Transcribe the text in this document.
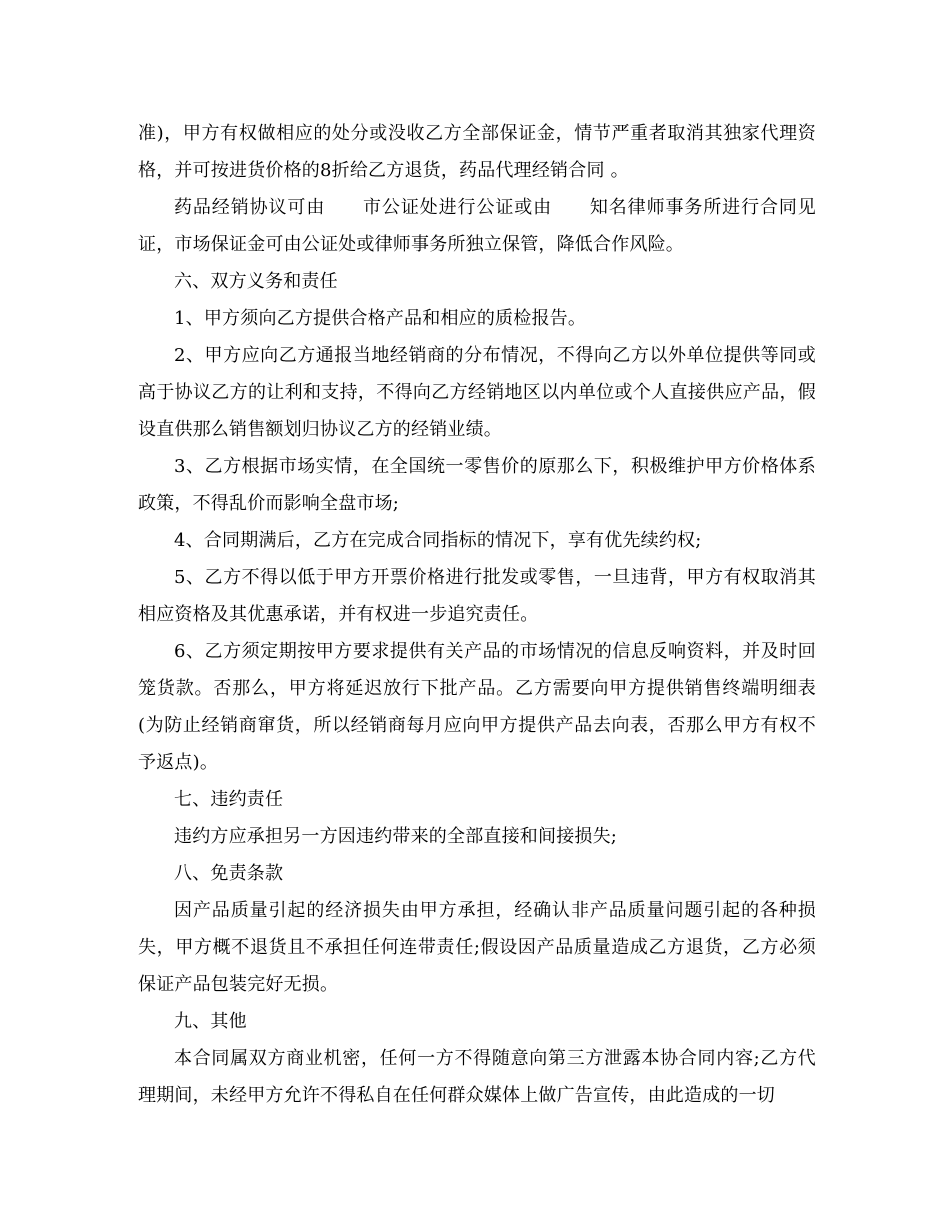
准)，甲方有权做相应的处分或没收乙方全部保证金，情节严重者取消其独家代理资格，并可按进货价格的8折给乙方退货，药品代理经销合同 。

药品经销协议可由　　市公证处进行公证或由　　知名律师事务所进行合同见证，市场保证金可由公证处或律师事务所独立保管，降低合作风险。

六、双方义务和责任

1、甲方须向乙方提供合格产品和相应的质检报告。

2、甲方应向乙方通报当地经销商的分布情况，不得向乙方以外单位提供等同或高于协议乙方的让利和支持，不得向乙方经销地区以内单位或个人直接供应产品，假设直供那么销售额划归协议乙方的经销业绩。

3、乙方根据市场实情，在全国统一零售价的原那么下，积极维护甲方价格体系政策，不得乱价而影响全盘市场;

4、合同期满后，乙方在完成合同指标的情况下，享有优先续约权;

5、乙方不得以低于甲方开票价格进行批发或零售，一旦违背，甲方有权取消其相应资格及其优惠承诺，并有权进一步追究责任。

6、乙方须定期按甲方要求提供有关产品的市场情况的信息反响资料，并及时回笼货款。否那么，甲方将延迟放行下批产品。乙方需要向甲方提供销售终端明细表(为防止经销商窜货，所以经销商每月应向甲方提供产品去向表，否那么甲方有权不予返点)。

七、违约责任

违约方应承担另一方因违约带来的全部直接和间接损失;

八、免责条款

因产品质量引起的经济损失由甲方承担，经确认非产品质量问题引起的各种损失，甲方概不退货且不承担任何连带责任;假设因产品质量造成乙方退货，乙方必须保证产品包装完好无损。

九、其他

本合同属双方商业机密，任何一方不得随意向第三方泄露本协合同内容;乙方代理期间，未经甲方允许不得私自在任何群众媒体上做广告宣传，由此造成的一切
